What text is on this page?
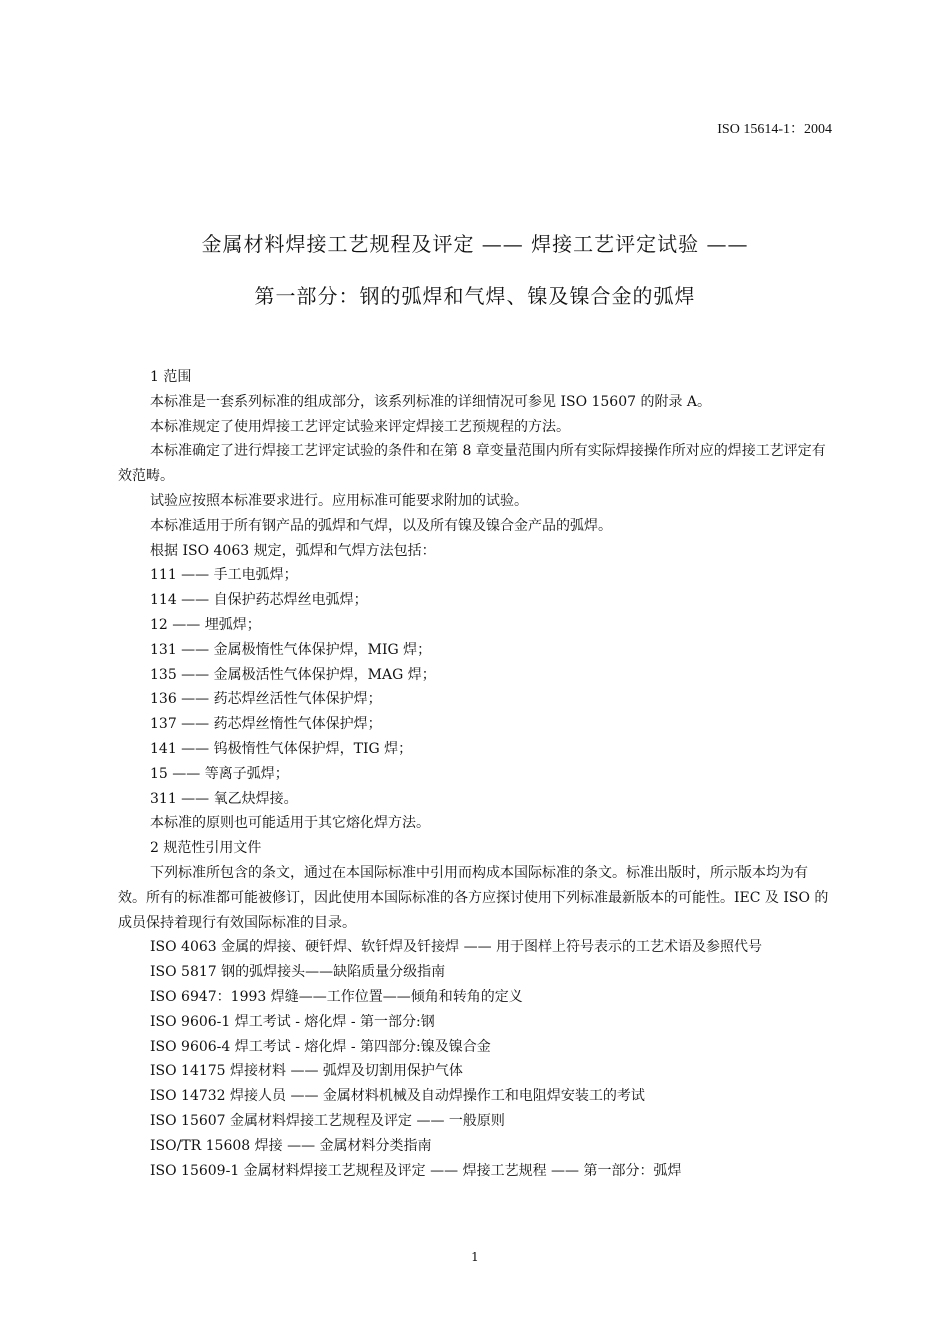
ISO 15614-1：2004
金属材料焊接工艺规程及评定 —— 焊接工艺评定试验 ——
第一部分：钢的弧焊和气焊、镍及镍合金的弧焊

1 范围

本标准是一套系列标准的组成部分，该系列标准的详细情况可参见 ISO 15607 的附录 A。

本标准规定了使用焊接工艺评定试验来评定焊接工艺预规程的方法。

本标准确定了进行焊接工艺评定试验的条件和在第 8 章变量范围内所有实际焊接操作所对应的焊接工艺评定有效范畴。

试验应按照本标准要求进行。应用标准可能要求附加的试验。

本标准适用于所有钢产品的弧焊和气焊，以及所有镍及镍合金产品的弧焊。

根据 ISO 4063 规定，弧焊和气焊方法包括：

111 —— 手工电弧焊；

114 —— 自保护药芯焊丝电弧焊；

12 —— 埋弧焊；

131 —— 金属极惰性气体保护焊，MIG 焊；

135 —— 金属极活性气体保护焊，MAG 焊；

136 —— 药芯焊丝活性气体保护焊；

137 —— 药芯焊丝惰性气体保护焊；

141 —— 钨极惰性气体保护焊，TIG 焊；

15 —— 等离子弧焊；

311 —— 氧乙炔焊接。

本标准的原则也可能适用于其它熔化焊方法。

2 规范性引用文件

下列标准所包含的条文，通过在本国际标准中引用而构成本国际标准的条文。标准出版时，所示版本均为有效。所有的标准都可能被修订，因此使用本国际标准的各方应探讨使用下列标准最新版本的可能性。IEC 及 ISO 的成员保持着现行有效国际标准的目录。

ISO 4063 金属的焊接、硬钎焊、软钎焊及钎接焊 —— 用于图样上符号表示的工艺术语及参照代号

ISO 5817 钢的弧焊接头——缺陷质量分级指南

ISO 6947：1993 焊缝——工作位置——倾角和转角的定义

ISO 9606-1 焊工考试 - 熔化焊 - 第一部分:钢

ISO 9606-4 焊工考试 - 熔化焊 - 第四部分:镍及镍合金

ISO 14175 焊接材料 —— 弧焊及切割用保护气体

ISO 14732 焊接人员 —— 金属材料机械及自动焊操作工和电阻焊安装工的考试

ISO 15607 金属材料焊接工艺规程及评定 —— 一般原则

ISO/TR 15608 焊接 —— 金属材料分类指南

ISO 15609-1 金属材料焊接工艺规程及评定 —— 焊接工艺规程 —— 第一部分：弧焊

1
